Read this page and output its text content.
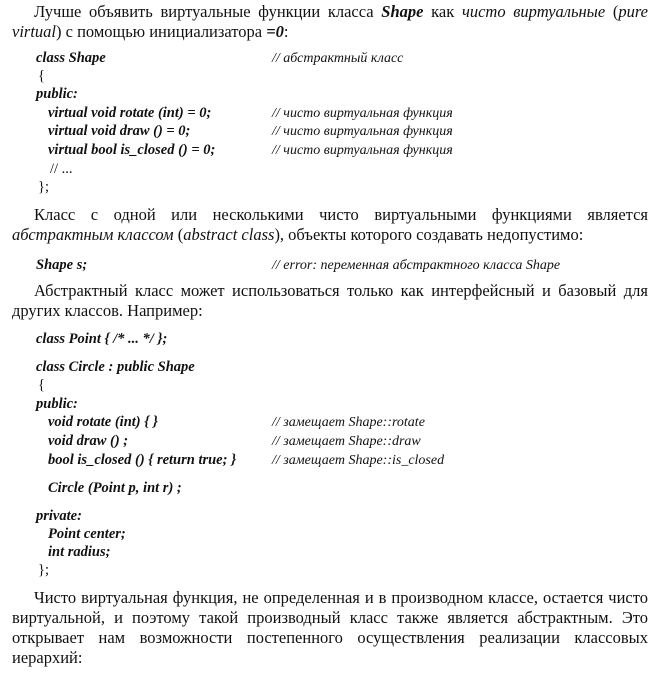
Лучше объявить виртуальные функции класса Shape как чисто виртуальные (pure virtual) с помощью инициализатора =0:
class Shape	// абстрактный класс
{
public:
virtual void rotate (int) = 0;	// чисто виртуальная функция
virtual void draw () = 0;	// чисто виртуальная функция
virtual bool is_closed () = 0;	// чисто виртуальная функция
// ...
};
Класс с одной или несколькими чисто виртуальными функциями является абстрактным классом (abstract class), объекты которого создавать недопустимо:
Shape s;	// error: переменная абстрактного класса Shape
Абстрактный класс может использоваться только как интерфейсный и базовый для других классов. Например:
class Point { /* ... */ };
class Circle : public Shape
{
public:
void rotate (int) { }	// замещает Shape::rotate
void draw () ;	// замещает Shape::draw
bool is_closed () { return true; }	// замещает Shape::is_closed
Circle (Point p, int r) ;
private:
Point center;
int radius;
};
Чисто виртуальная функция, не определенная и в производном классе, остается чисто виртуальной, и поэтому такой производный класс также является абстрактным. Это открывает нам возможности постепенного осуществления реализации классовых иерархий:
